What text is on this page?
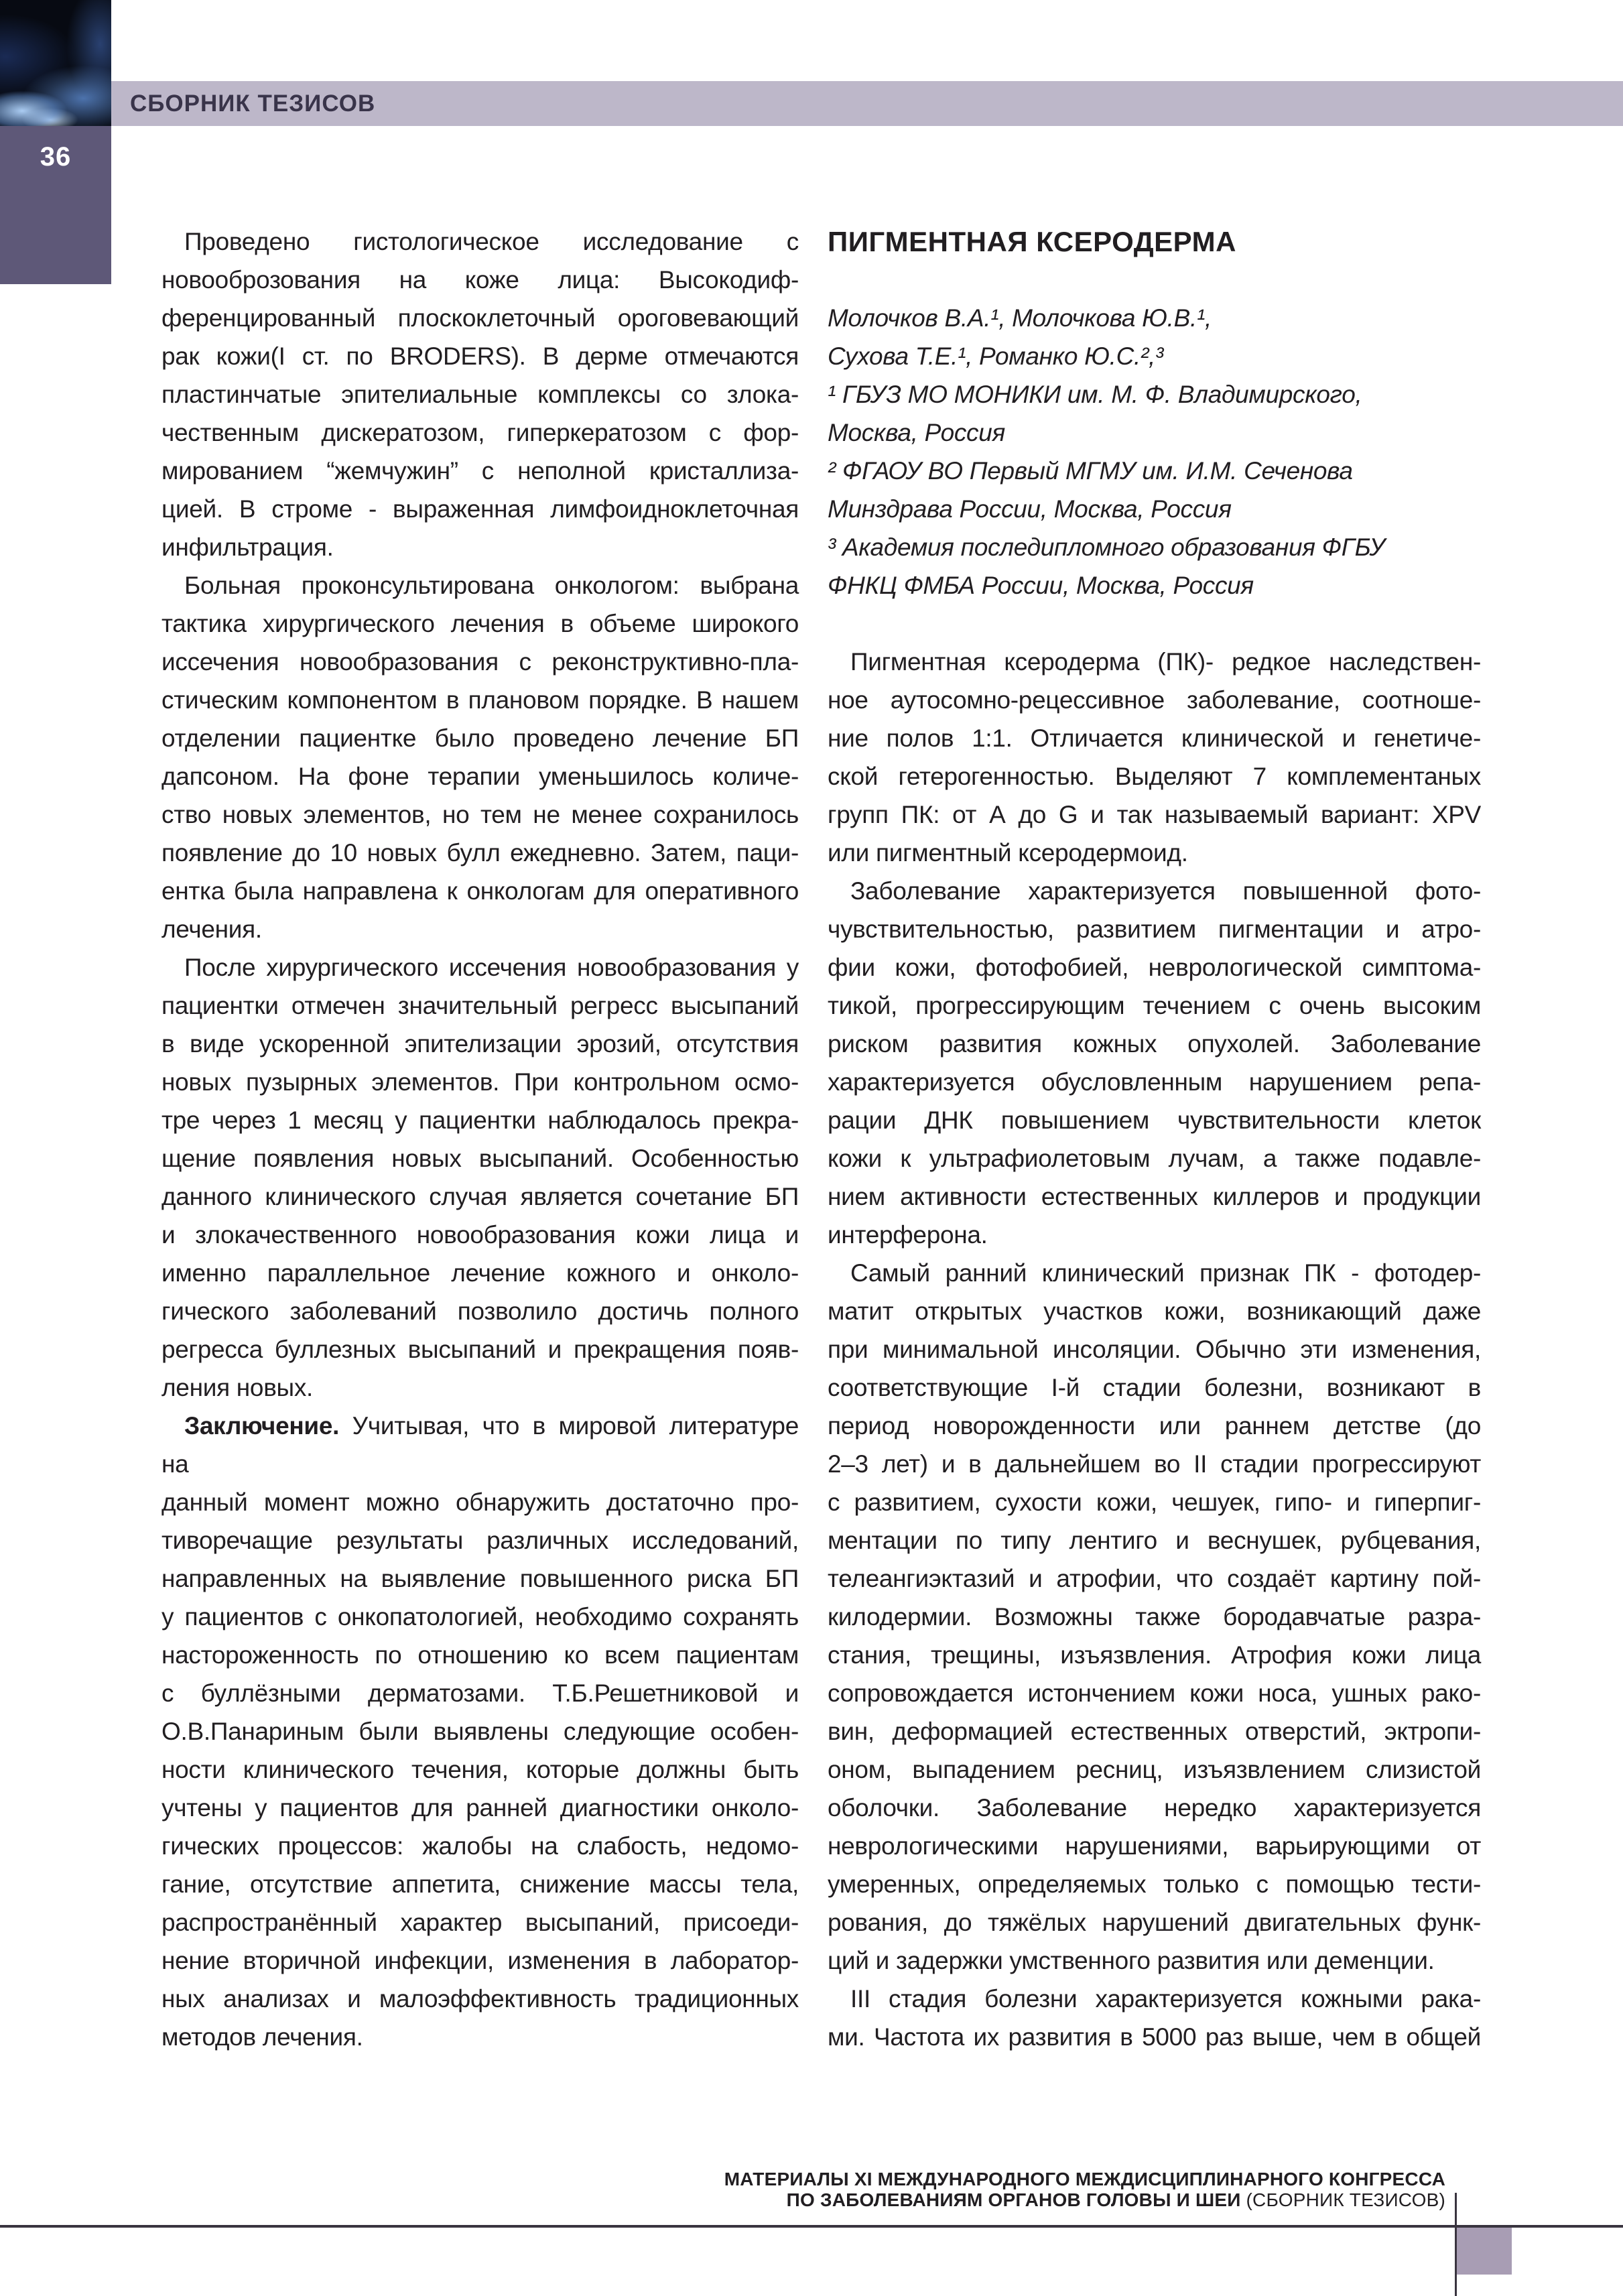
СБОРНИК ТЕЗИСОВ
36
Проведено гистологическое исследование с
новооброзования на коже лица: Высокодиф-
ференцированный плоскоклеточный ороговевающий
рак кожи(I ст. по BRODERS). В дерме отмечаются
пластинчатые эпителиальные комплексы со злока-
чественным дискератозом, гиперкератозом с фор-
мированием “жемчужин” с неполной кристаллиза-
цией. В строме - выраженная лимфоидноклеточная
инфильтрация.
Больная проконсультирована онкологом: выбрана
тактика хирургического лечения в объеме широкого
иссечения новообразования с реконструктивно-пла-
стическим компонентом в плановом порядке. В нашем
отделении пациентке было проведено лечение БП
дапсоном. На фоне терапии уменьшилось количе-
ство новых элементов, но тем не менее сохранилось
появление до 10 новых булл ежедневно. Затем, паци-
ентка была направлена к онкологам для оперативного
лечения.
После хирургического иссечения новообразования у
пациентки отмечен значительный регресс высыпаний
в виде ускоренной эпителизации эрозий, отсутствия
новых пузырных элементов. При контрольном осмо-
тре через 1 месяц у пациентки наблюдалось прекра-
щение появления новых высыпаний. Особенностью
данного клинического случая является сочетание БП
и злокачественного новообразования кожи лица и
именно параллельное лечение кожного и онколо-
гического заболеваний позволило достичь полного
регресса буллезных высыпаний и прекращения появ-
ления новых.
Заключение. Учитывая, что в мировой литературе на
данный момент можно обнаружить достаточно про-
тиворечащие результаты различных исследований,
направленных на выявление повышенного риска БП
у пациентов с онкопатологией, необходимо сохранять
настороженность по отношению ко всем пациентам
с буллёзными дерматозами. Т.Б.Решетниковой и
О.В.Панариным были выявлены следующие особен-
ности клинического течения, которые должны быть
учтены у пациентов для ранней диагностики онколо-
гических процессов: жалобы на слабость, недомо-
гание, отсутствие аппетита, снижение массы тела,
распространённый характер высыпаний, присоеди-
нение вторичной инфекции, изменения в лаборатор-
ных анализах и малоэффективность традиционных
методов лечения.
ПИГМЕНТНАЯ КСЕРОДЕРМА
Молочков В.А.¹, Молочкова Ю.В.¹,
Сухова Т.Е.¹, Романко Ю.С.²,³
¹ ГБУЗ МО МОНИКИ им. М. Ф. Владимирского,
Москва, Россия
² ФГАОУ ВО Первый МГМУ им. И.М. Сеченова
Минздрава России, Москва, Россия
³ Академия последипломного образования ФГБУ
ФНКЦ ФМБА России, Москва, Россия
Пигментная ксеродерма (ПК)- редкое наследствен-
ное аутосомно-рецессивное заболевание, соотноше-
ние полов 1:1. Отличается клинической и генетиче-
ской гетерогенностью. Выделяют 7 комплементаных
групп ПК: от А до G и так называемый вариант: XPV
или пигментный ксеродермоид.
Заболевание характеризуется повышенной фото-
чувствительностью, развитием пигментации и атро-
фии кожи, фотофобией, неврологической симптома-
тикой, прогрессирующим течением с очень высоким
риском развития кожных опухолей. Заболевание
характеризуется обусловленным нарушением репа-
рации ДНК повышением чувствительности клеток
кожи к ультрафиолетовым лучам, а также подавле-
нием активности естественных киллеров и продукции
интерферона.
Самый ранний клинический признак ПК - фотодер-
матит открытых участков кожи, возникающий даже
при минимальной инсоляции. Обычно эти изменения,
соответствующие I-й стадии болезни, возникают в
период новорожденности или раннем детстве (до
2–3 лет) и в дальнейшем во II стадии прогрессируют
с развитием, сухости кожи, чешуек, гипо- и гиперпиг-
ментации по типу лентиго и веснушек, рубцевания,
телеангиэктазий и атрофии, что создаёт картину пой-
килодермии. Возможны также бородавчатые разра-
стания, трещины, изъязвления. Атрофия кожи лица
сопровождается истончением кожи носа, ушных рако-
вин, деформацией естественных отверстий, эктропи-
оном, выпадением ресниц, изъязвлением слизистой
оболочки. Заболевание нередко характеризуется
неврологическими нарушениями, варьирующими от
умеренных, определяемых только с помощью тести-
рования, до тяжёлых нарушений двигательных функ-
ций и задержки умственного развития или деменции.
III стадия болезни характеризуется кожными рака-
ми. Частота их развития в 5000 раз выше, чем в общей
МАТЕРИАЛЫ XI МЕЖДУНАРОДНОГО МЕЖДИСЦИПЛИНАРНОГО КОНГРЕССА
ПО ЗАБОЛЕВАНИЯМ ОРГАНОВ ГОЛОВЫ И ШЕИ (СБОРНИК ТЕЗИСОВ)
